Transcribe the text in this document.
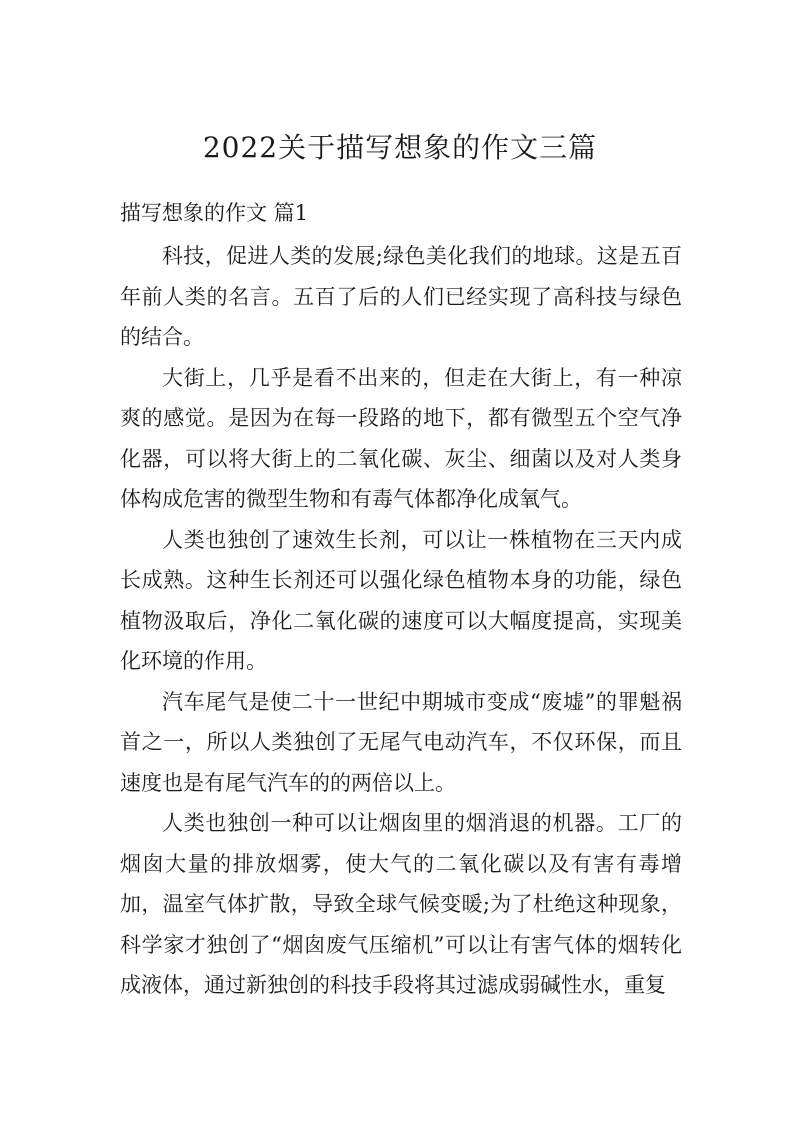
2022关于描写想象的作文三篇
描写想象的作文 篇1

科技，促进人类的发展;绿色美化我们的地球。这是五百年前人类的名言。五百了后的人们已经实现了高科技与绿色的结合。

大街上，几乎是看不出来的，但走在大街上，有一种凉爽的感觉。是因为在每一段路的地下，都有微型五个空气净化器，可以将大街上的二氧化碳、灰尘、细菌以及对人类身体构成危害的微型生物和有毒气体都净化成氧气。

人类也独创了速效生长剂，可以让一株植物在三天内成长成熟。这种生长剂还可以强化绿色植物本身的功能，绿色植物汲取后，净化二氧化碳的速度可以大幅度提高，实现美化环境的作用。

汽车尾气是使二十一世纪中期城市变成“废墟”的罪魁祸首之一，所以人类独创了无尾气电动汽车，不仅环保，而且速度也是有尾气汽车的的两倍以上。

人类也独创一种可以让烟囱里的烟消退的机器。工厂的烟囱大量的排放烟雾，使大气的二氧化碳以及有害有毒增加，温室气体扩散，导致全球气候变暖;为了杜绝这种现象，科学家才独创了“烟囱废气压缩机”可以让有害气体的烟转化成液体，通过新独创的科技手段将其过滤成弱碱性水，重复
